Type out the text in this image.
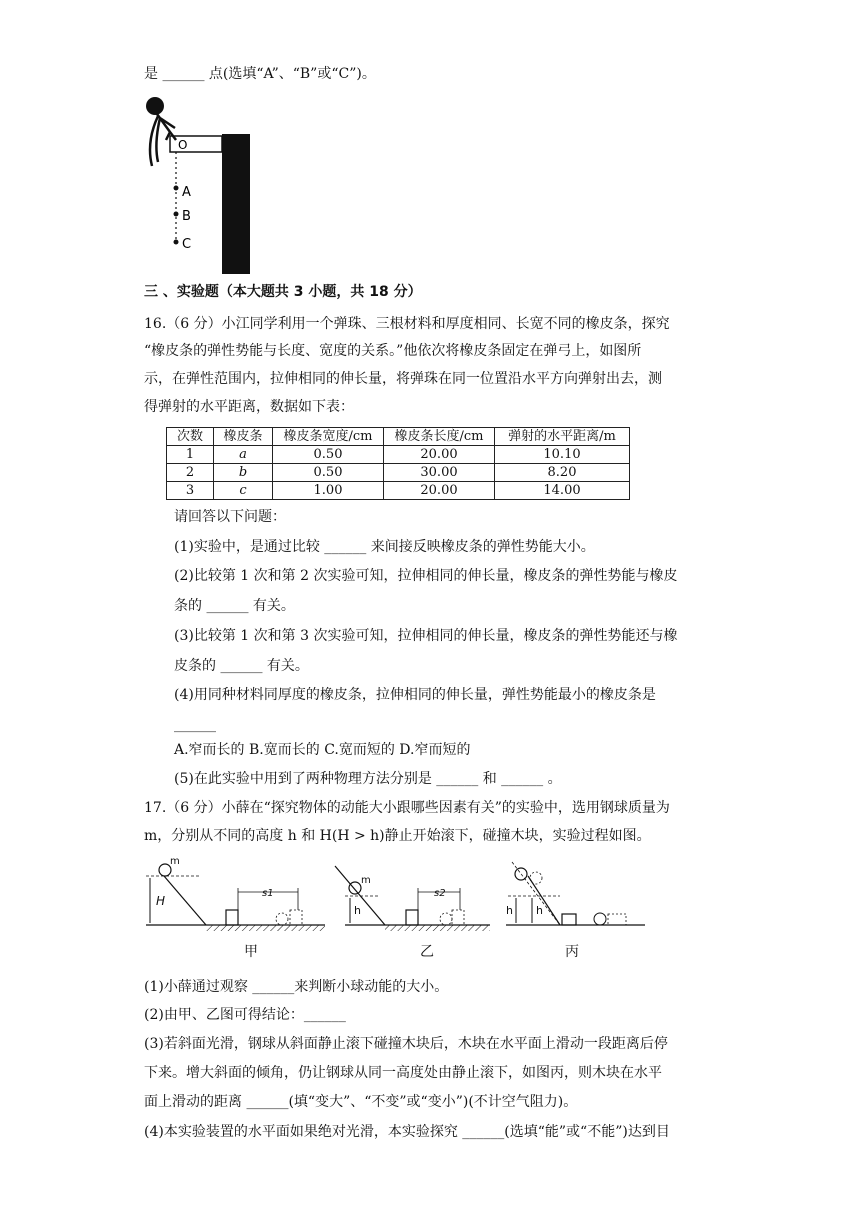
是 ______ 点(选填“A”、“B”或“C”)。
O
A
B
C
三 、实验题（本大题共 3 小题，共 18 分）
16.（6 分）小江同学利用一个弹珠、三根材料和厚度相同、长宽不同的橡皮条，探究
“橡皮条的弹性势能与长度、宽度的关系。”他依次将橡皮条固定在弹弓上，如图所
示，在弹性范围内，拉伸相同的伸长量，将弹珠在同一位置沿水平方向弹射出去，测
得弹射的水平距离，数据如下表：
次数	橡皮条	橡皮条宽度/cm	橡皮条长度/cm	弹射的水平距离/m
1	a	0.50	20.00	10.10
2	b	0.50	30.00	8.20
3	c	1.00	20.00	14.00
请回答以下问题：
(1)实验中，是通过比较 ______ 来间接反映橡皮条的弹性势能大小。
(2)比较第 1 次和第 2 次实验可知，拉伸相同的伸长量，橡皮条的弹性势能与橡皮
条的 ______ 有关。
(3)比较第 1 次和第 3 次实验可知，拉伸相同的伸长量，橡皮条的弹性势能还与橡
皮条的 ______ 有关。
(4)用同种材料同厚度的橡皮条，拉伸相同的伸长量，弹性势能最小的橡皮条是
______
A.窄而长的 B.宽而长的 C.宽而短的 D.窄而短的
(5)在此实验中用到了两种物理方法分别是 ______ 和 ______ 。
17.（6 分）小薛在“探究物体的动能大小跟哪些因素有关”的实验中，选用钢球质量为
m，分别从不同的高度 h 和 H(H > h)静止开始滚下，碰撞木块，实验过程如图。
m
H
s1
甲
m
h
s2
乙
h h
丙
(1)小薛通过观察 ______来判断小球动能的大小。
(2)由甲、乙图可得结论：______
(3)若斜面光滑，钢球从斜面静止滚下碰撞木块后，木块在水平面上滑动一段距离后停
下来。增大斜面的倾角，仍让钢球从同一高度处由静止滚下，如图丙，则木块在水平
面上滑动的距离 ______(填“变大”、“不变”或“变小”)(不计空气阻力)。
(4)本实验装置的水平面如果绝对光滑，本实验探究 ______(选填“能”或“不能”)达到目
